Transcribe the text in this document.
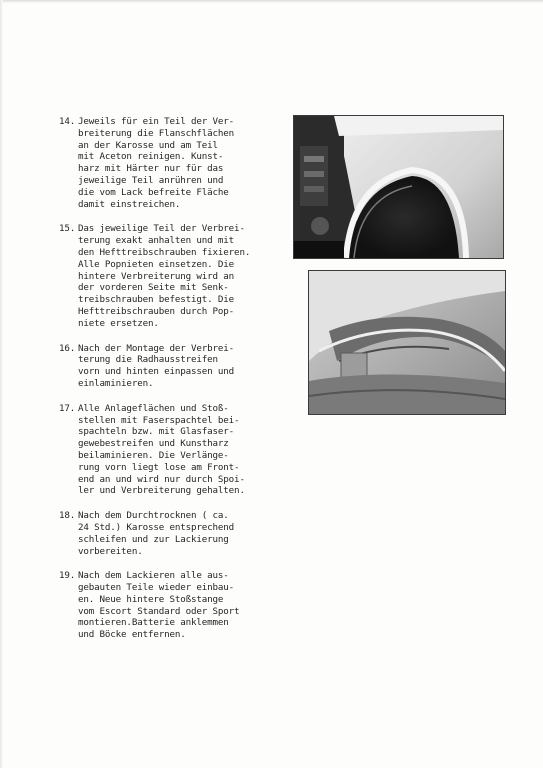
14. Jeweils für ein Teil der Ver-
breiterung die Flanschflächen
an der Karosse und am Teil
mit Aceton reinigen. Kunst-
harz mit Härter nur für das
jeweilige Teil anrühren und
die vom Lack befreite Fläche
damit einstreichen.
15. Das jeweilige Teil der Verbrei-
terung exakt anhalten und mit
den Hefttreibschrauben fixieren.
Alle Popnieten einsetzen. Die
hintere Verbreiterung wird an
der vorderen Seite mit Senk-
treibschrauben befestigt. Die
Hefttreibschrauben durch Pop-
niete ersetzen.
16. Nach der Montage der Verbrei-
terung die Radhausstreifen
vorn und hinten einpassen und
einlaminieren.
17. Alle Anlageflächen und Stoß-
stellen mit Faserspachtel bei-
spachteln bzw. mit Glasfaser-
gewebestreifen und Kunstharz
beilaminieren. Die Verlänge-
rung vorn liegt lose am Front-
end an und wird nur durch Spoi-
ler und Verbreiterung gehalten.
18. Nach dem Durchtrocknen ( ca.
24 Std.) Karosse entsprechend
schleifen und zur Lackierung
vorbereiten.
19. Nach dem Lackieren alle aus-
gebauten Teile wieder einbau-
en. Neue hintere Stoßstange
vom Escort Standard oder Sport
montieren.Batterie anklemmen
und Böcke entfernen.
